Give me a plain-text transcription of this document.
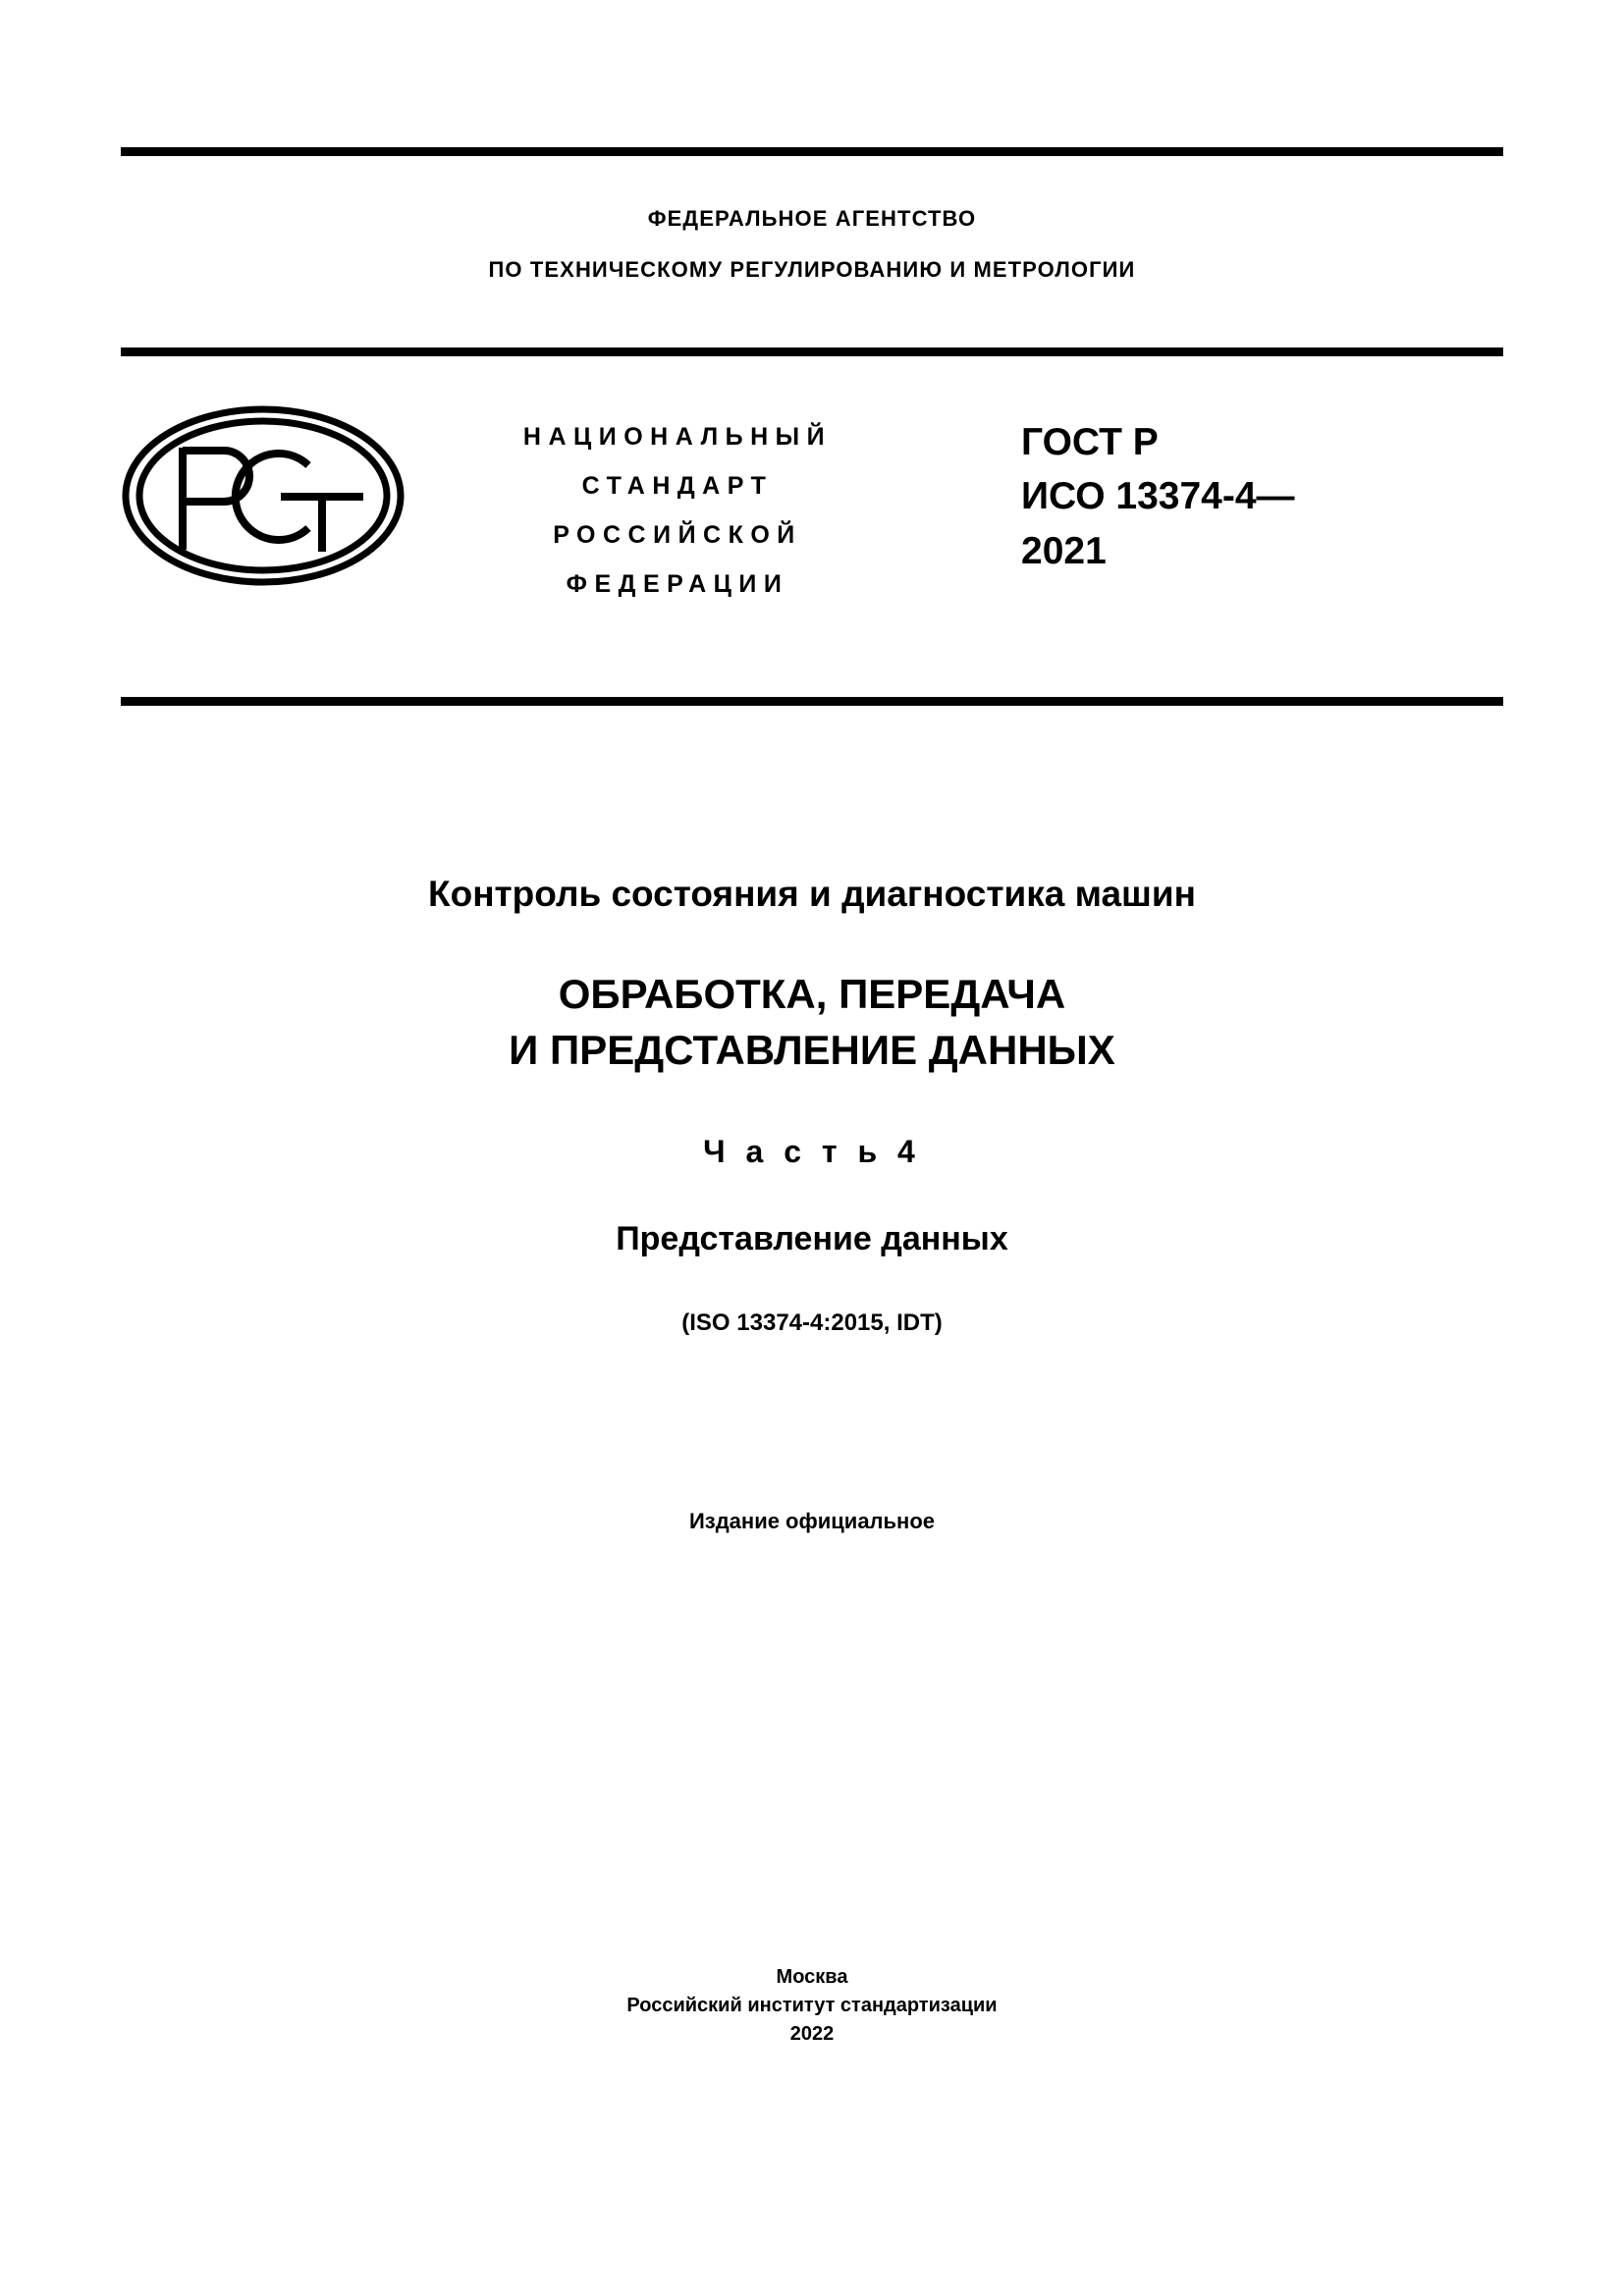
ФЕДЕРАЛЬНОЕ АГЕНТСТВО
ПО ТЕХНИЧЕСКОМУ РЕГУЛИРОВАНИЮ И МЕТРОЛОГИИ
НАЦИОНАЛЬНЫЙ
СТАНДАРТ
РОССИЙСКОЙ
ФЕДЕРАЦИИ
ГОСТ Р
ИСО 13374-4—
2021
Контроль состояния и диагностика машин
ОБРАБОТКА, ПЕРЕДАЧА
И ПРЕДСТАВЛЕНИЕ ДАННЫХ
Ч а с т ь 4
Представление данных
(ISO 13374-4:2015, IDT)
Издание официальное
Москва
Российский институт стандартизации
2022
